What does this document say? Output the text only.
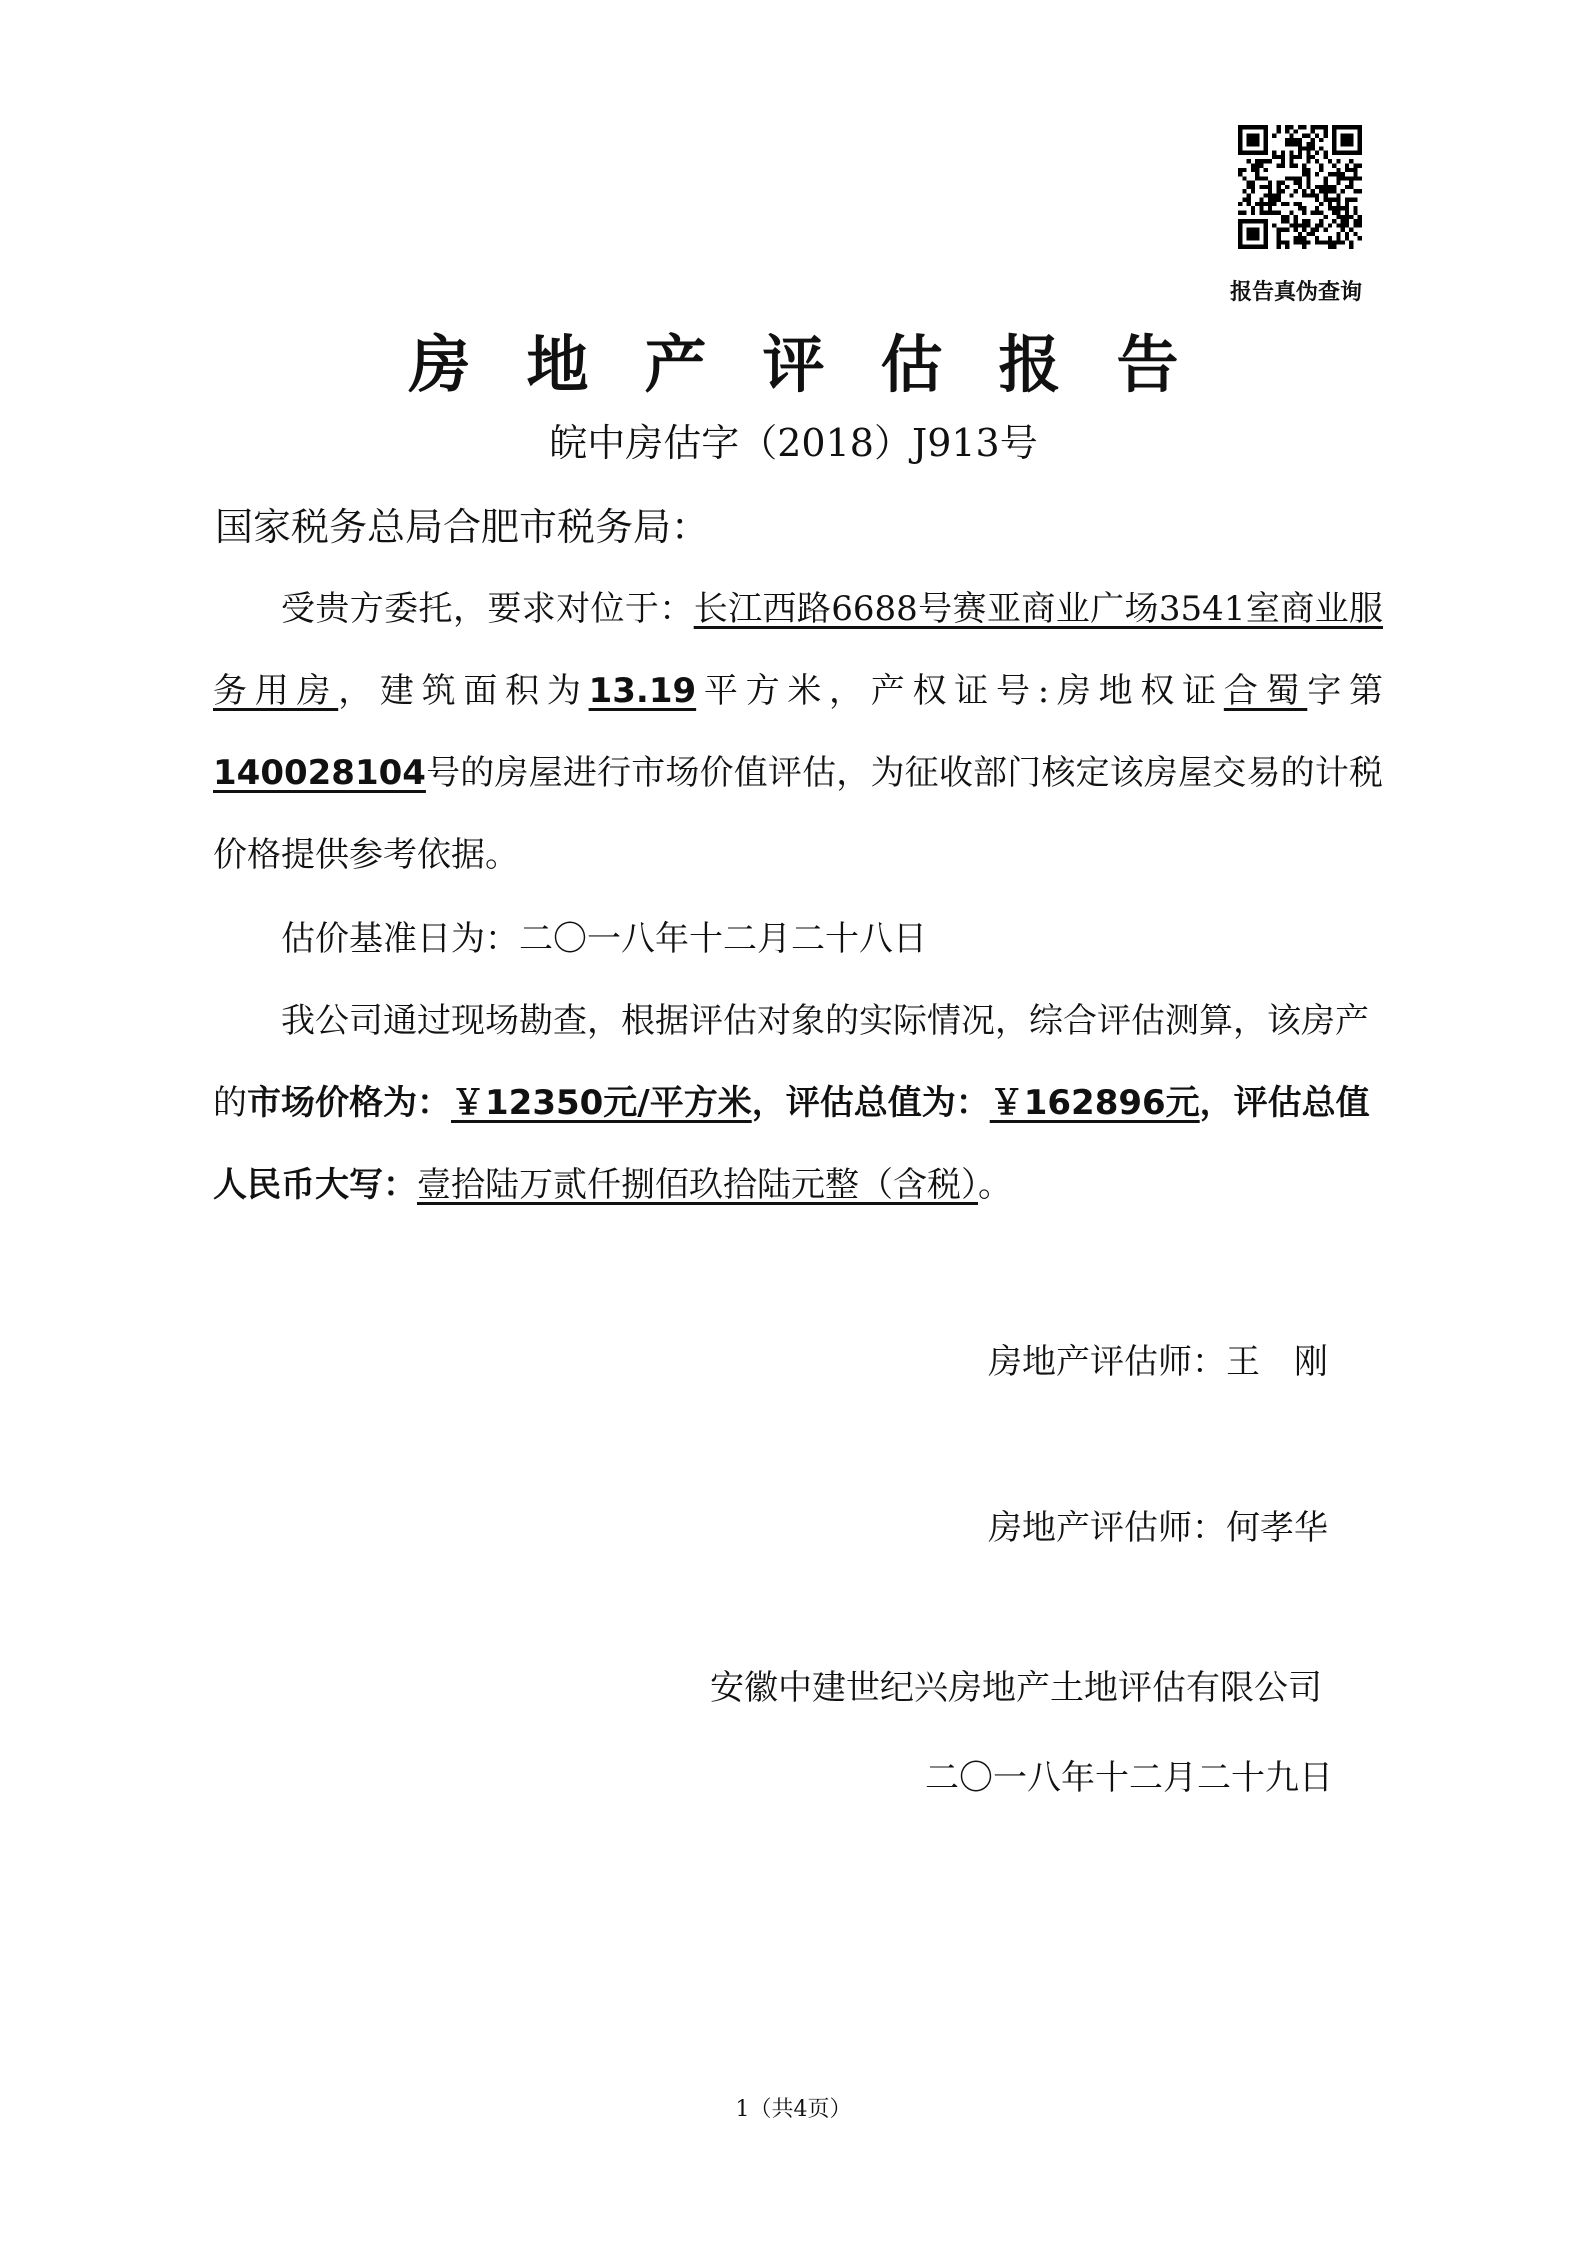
报告真伪查询
房地产评估报告
皖中房估字（2018）J913号
国家税务总局合肥市税务局：
受贵方委托，要求对位于：长江西路6688号赛亚商业广场3541室商业服务用房，建筑面积为13.19平方米，产权证号:房地权证合蜀字第140028104号的房屋进行市场价值评估，为征收部门核定该房屋交易的计税价格提供参考依据。
估价基准日为：二〇一八年十二月二十八日
我公司通过现场勘查，根据评估对象的实际情况，综合评估测算，该房产的市场价格为：￥12350元/平方米，评估总值为：￥162896元，评估总值人民币大写：壹拾陆万贰仟捌佰玖拾陆元整（含税）。
房地产评估师：王　刚
房地产评估师：何孝华
安徽中建世纪兴房地产土地评估有限公司
二〇一八年十二月二十九日
1（共4页）
